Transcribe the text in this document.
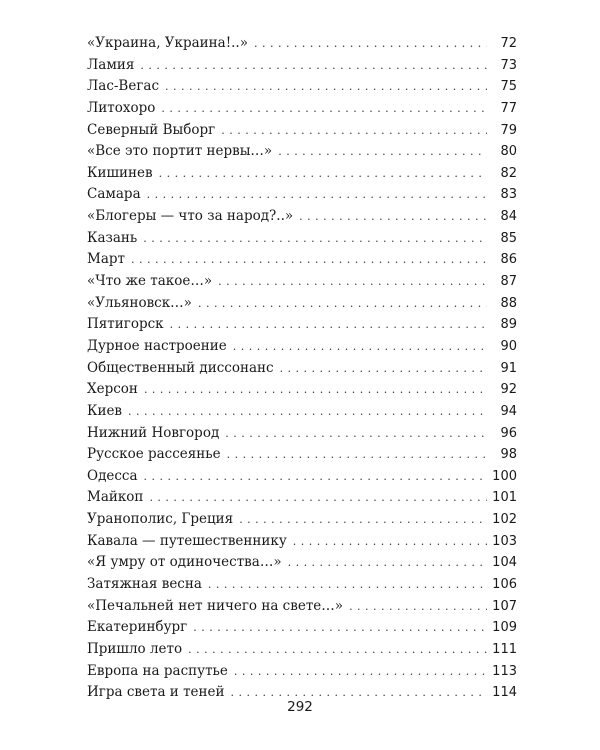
«Украина, Украина!..» . . .	72
Ламия . . .	73
Лас-Вегас . . .	75
Литохоро . . .	77
Северный Выборг . . .	79
«Все это портит нервы…» . . .	80
Кишинев . . .	82
Самара . . .	83
«Блогеры — что за народ?..» . . .	84
Казань . . .	85
Март . . .	86
«Что же такое…» . . .	87
«Ульяновск…» . . .	88
Пятигорск . . .	89
Дурное настроение . . .	90
Общественный диссонанс . . .	91
Херсон . . .	92
Киев . . .	94
Нижний Новгород . . .	96
Русское рассеянье . . .	98
Одесса . . .	100
Майкоп . . .	101
Уранополис, Греция . . .	102
Кавала — путешественнику . . .	103
«Я умру от одиночества…» . . .	104
Затяжная весна . . .	106
«Печальней нет ничего на свете…» . . .	107
Екатеринбург . . .	109
Пришло лето . . .	111
Европа на распутье . . .	113
Игра света и теней . . .	114
292
